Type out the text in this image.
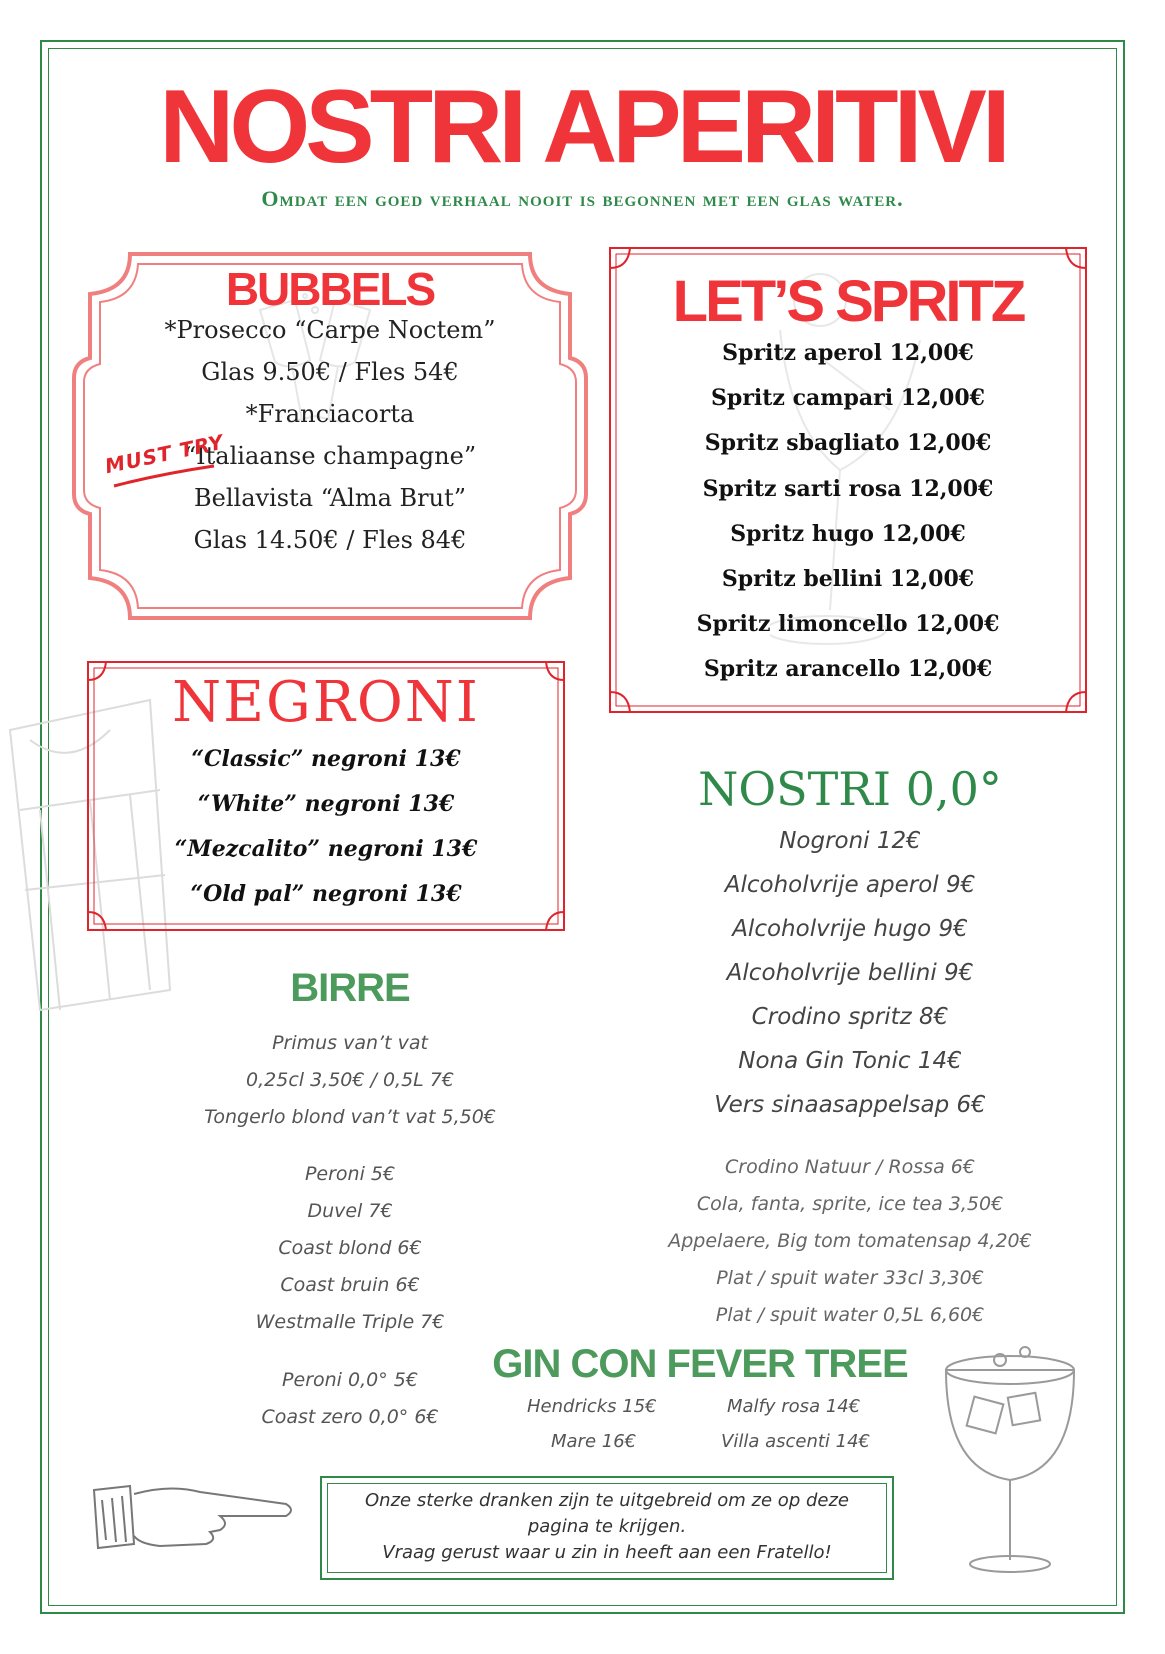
NOSTRI APERITIVI
Omdat een goed verhaal nooit is begonnen met een glas water.
BUBBELS
*Prosecco “Carpe Noctem”
Glas 9.50€ / Fles 54€
*Franciacorta
“Italiaanse champagne”
Bellavista “Alma Brut”
Glas 14.50€ / Fles 84€
MUST TRY
LET’S SPRITZ
Spritz aperol 12,00€
Spritz campari 12,00€
Spritz sbagliato 12,00€
Spritz sarti rosa 12,00€
Spritz hugo 12,00€
Spritz bellini 12,00€
Spritz limoncello 12,00€
Spritz arancello 12,00€
NEGRONI
“Classic” negroni 13€
“White” negroni 13€
“Mezcalito” negroni 13€
“Old pal” negroni 13€
BIRRE
Primus van’t vat
0,25cl 3,50€ / 0,5L 7€
Tongerlo blond van’t vat 5,50€
Peroni 5€
Duvel 7€
Coast blond 6€
Coast bruin 6€
Westmalle Triple 7€
Peroni 0,0° 5€
Coast zero 0,0° 6€
NOSTRI 0,0°
Nogroni 12€
Alcoholvrije aperol 9€
Alcoholvrije hugo 9€
Alcoholvrije bellini 9€
Crodino spritz 8€
Nona Gin Tonic 14€
Vers sinaasappelsap 6€
Crodino Natuur / Rossa 6€
Cola, fanta, sprite, ice tea 3,50€
Appelaere, Big tom tomatensap 4,20€
Plat / spuit water 33cl 3,30€
Plat / spuit water 0,5L 6,60€
GIN CON FEVER TREE
Hendricks 15€	Malfy rosa 14€
Mare 16€	Villa ascenti 14€
Onze sterke dranken zijn te uitgebreid om ze op deze
pagina te krijgen.
Vraag gerust waar u zin in heeft aan een Fratello!
